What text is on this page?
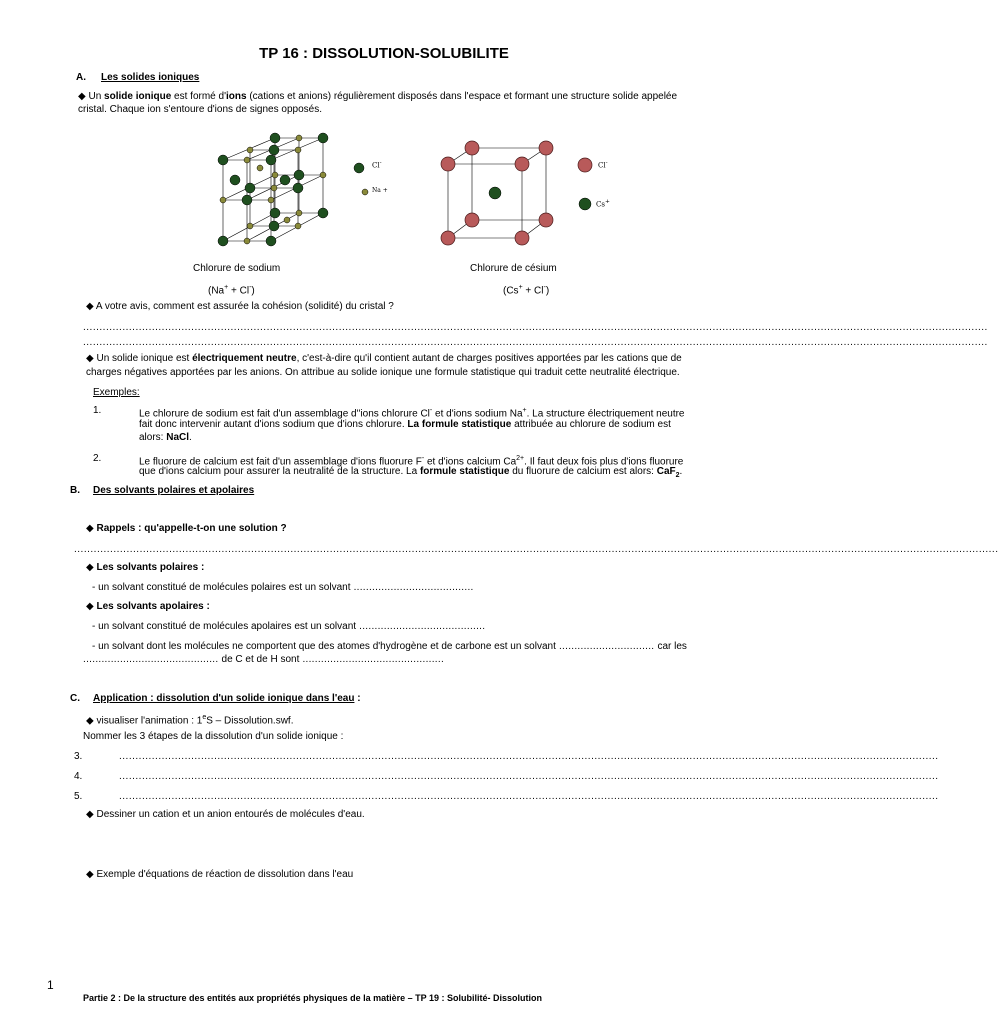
TP 16 : DISSOLUTION-SOLUBILITE
A. Les solides ioniques
◆ Un solide ionique est formé d'ions (cations et anions) régulièrement disposés dans l'espace et formant une structure solide appelée
cristal. Chaque ion s'entoure d'ions de signes opposés.
Cl-
Na +
Cl-
Cs+
Chlorure de sodium
(Na+ + Cl-)
Chlorure de césium
(Cs+ + Cl-)
◆ A votre avis, comment est assurée la cohésion (solidité) du cristal ?
....................................................................................................................................................................................................................................................................................
....................................................................................................................................................................................................................................................................................
◆ Un solide ionique est électriquement neutre, c'est-à-dire qu'il contient autant de charges positives apportées par les cations que de
charges négatives apportées par les anions. On attribue au solide ionique une formule statistique qui traduit cette neutralité électrique.
Exemples:
1.	Le chlorure de sodium est fait d'un assemblage d''ions chlorure Cl- et d'ions sodium Na+. La structure électriquement neutre
fait donc intervenir autant d'ions sodium que d'ions chlorure. La formule statistique attribuée au chlorure de sodium est
alors: NaCl.
2.	Le fluorure de calcium est fait d'un assemblage d'ions fluorure F- et d'ions calcium $Ca^{2+}$. Il faut deux fois plus d'ions fluorure
que d'ions calcium pour assurer la neutralité de la structure. La formule statistique du fluorure de calcium est alors: CaF$_2$.
B. Des solvants polaires et apolaires
◆ Rappels : qu'appelle-t-on une solution ?
..........................................................................................................................................................................................................................................................................................
◆ Les solvants polaires :
- un solvant constitué de molécules polaires est un solvant .......................................
◆ Les solvants apolaires :
- un solvant constitué de molécules apolaires est un solvant .........................................
- un solvant dont les molécules ne comportent que des atomes d'hydrogène et de carbone est un solvant ............................... car les
............................................ de C et de H sont ..............................................
C. Application : dissolution d'un solide ionique dans l'eau :
◆ visualiser l'animation : 1eS – Dissolution.swf.
Nommer les 3 étapes de la dissolution d'un solide ionique :
3.	..........................................................................................................................................................................................................................................................
4.	..........................................................................................................................................................................................................................................................
5.	..........................................................................................................................................................................................................................................................
◆ Dessiner un cation et un anion entourés de molécules d'eau.
◆ Exemple d'équations de réaction de dissolution dans l'eau
1
Partie 2 : De la structure des entités aux propriétés physiques de la matière – TP 19 : Solubilité- Dissolution
